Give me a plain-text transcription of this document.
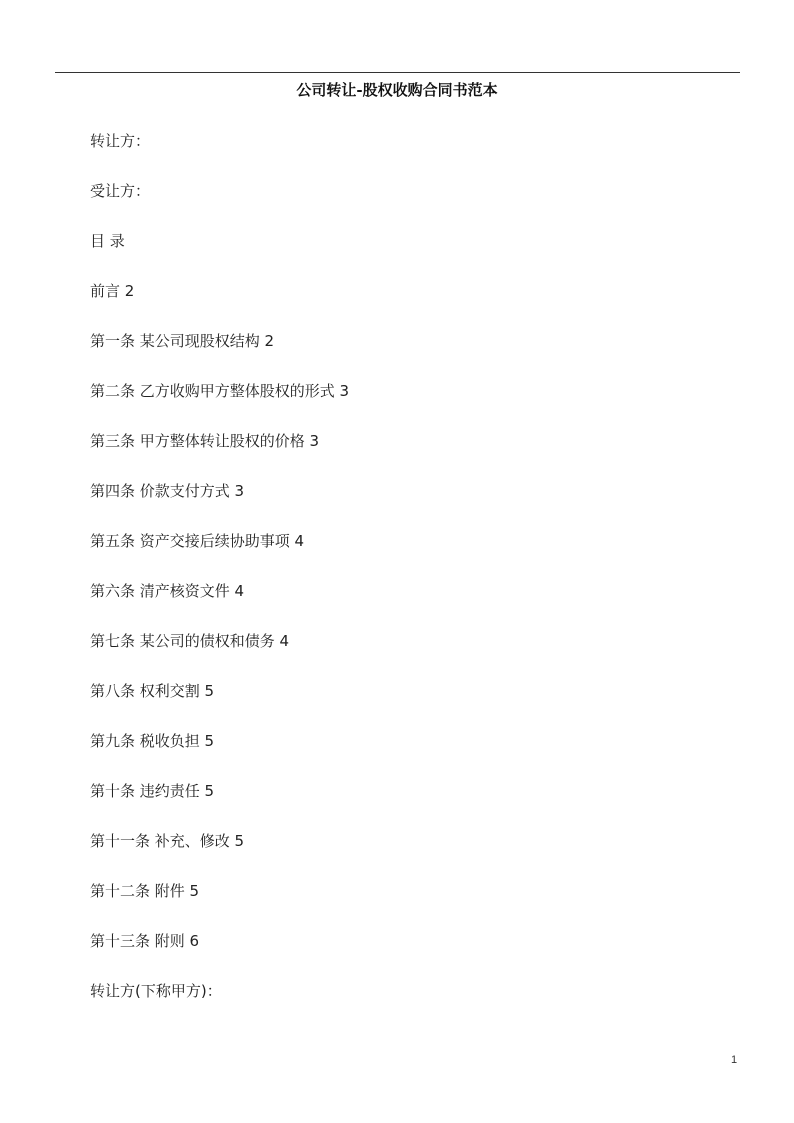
公司转让-股权收购合同书范本
转让方：
受让方：
目 录
前言 2
第一条 某公司现股权结构 2
第二条 乙方收购甲方整体股权的形式 3
第三条 甲方整体转让股权的价格 3
第四条 价款支付方式 3
第五条 资产交接后续协助事项 4
第六条 清产核资文件 4
第七条 某公司的债权和债务 4
第八条 权利交割 5
第九条 税收负担 5
第十条 违约责任 5
第十一条 补充、修改 5
第十二条 附件 5
第十三条 附则 6
转让方(下称甲方)：
1
